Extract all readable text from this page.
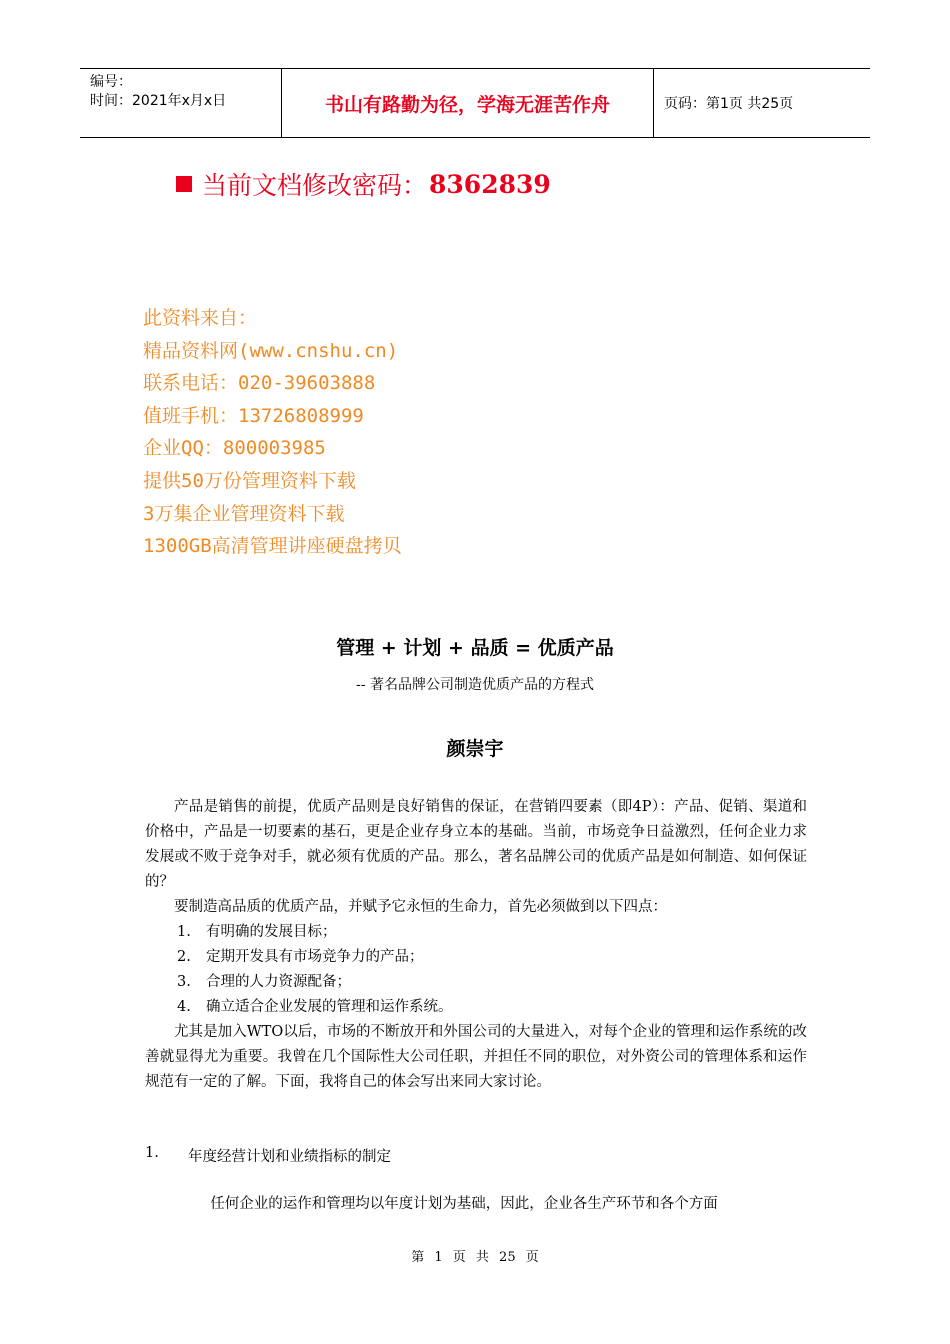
编号：
时间：2021年x月x日	书山有路勤为径，学海无涯苦作舟	页码：第1页 共25页
当前文档修改密码： 8362839
此资料来自：
精品资料网(www.cnshu.cn)
联系电话：020-39603888
值班手机：13726808999
企业QQ：800003985
提供50万份管理资料下载
3万集企业管理资料下载
1300GB高清管理讲座硬盘拷贝
管理 + 计划 + 品质 = 优质产品
-- 著名品牌公司制造优质产品的方程式
颜崇宇

产品是销售的前提，优质产品则是良好销售的保证，在营销四要素（即4P）：产品、促销、渠道和价格中，产品是一切要素的基石，更是企业存身立本的基础。当前，市场竞争日益激烈，任何企业力求发展或不败于竞争对手，就必须有优质的产品。那么，著名品牌公司的优质产品是如何制造、如何保证的？

要制造高品质的优质产品，并赋予它永恒的生命力，首先必须做到以下四点：

1.	有明确的发展目标；
2.	定期开发具有市场竞争力的产品；
3.	合理的人力资源配备；
4.	确立适合企业发展的管理和运作系统。

尤其是加入WTO以后，市场的不断放开和外国公司的大量进入，对每个企业的管理和运作系统的改善就显得尤为重要。我曾在几个国际性大公司任职，并担任不同的职位，对外资公司的管理体系和运作规范有一定的了解。下面，我将自己的体会写出来同大家讨论。

1.	年度经营计划和业绩指标的制定
任何企业的运作和管理均以年度计划为基础，因此，企业各生产环节和各个方面
第 1 页 共 25 页
